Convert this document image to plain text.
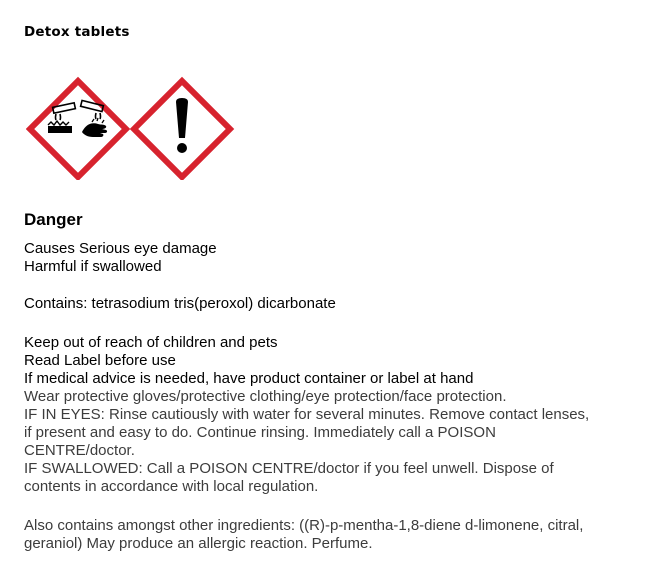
Detox tablets
Danger
Causes Serious eye damage
Harmful if swallowed
Contains: tetrasodium tris(peroxol) dicarbonate
Keep out of reach of children and pets
Read Label before use
If medical advice is needed, have product container or label at hand
Wear protective gloves/protective clothing/eye protection/face protection.
IF IN EYES: Rinse cautiously with water for several minutes. Remove contact lenses,
if present and easy to do. Continue rinsing. Immediately call a POISON
CENTRE/doctor.
IF SWALLOWED: Call a POISON CENTRE/doctor if you feel unwell. Dispose of
contents in accordance with local regulation.
Also contains amongst other ingredients: ((R)-p-mentha-1,8-diene d-limonene, citral,
geraniol) May produce an allergic reaction. Perfume.
